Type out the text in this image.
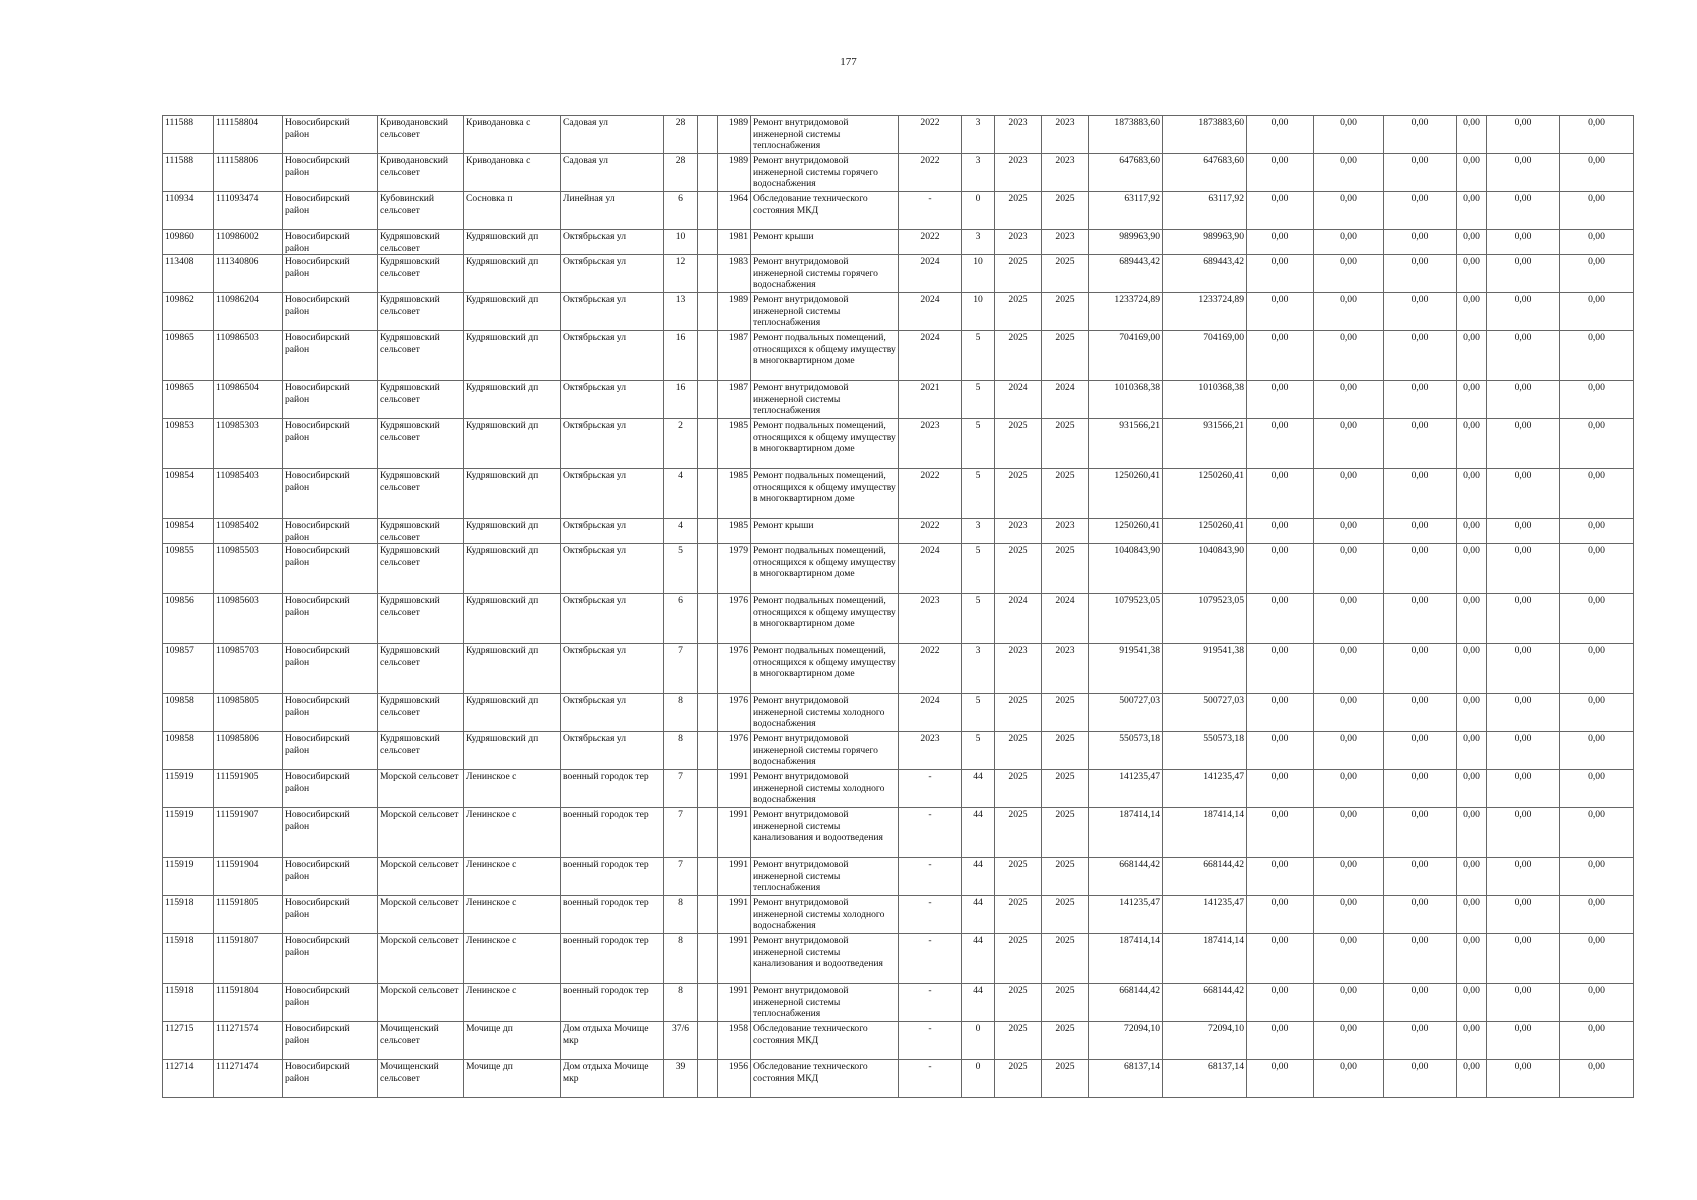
177
111588	111158804	Новосибирский район	Криводановский сельсовет	Криводановка с	Садовая ул	28		1989	Ремонт внутридомовой инженерной системы теплоснабжения	2022	3	2023	2023	1873883,60	1873883,60	0,00	0,00	0,00	0,00	0,00	0,00
111588	111158806	Новосибирский район	Криводановский сельсовет	Криводановка с	Садовая ул	28		1989	Ремонт внутридомовой инженерной системы горячего водоснабжения	2022	3	2023	2023	647683,60	647683,60	0,00	0,00	0,00	0,00	0,00	0,00
110934	111093474	Новосибирский район	Кубовинский сельсовет	Сосновка п	Линейная ул	6		1964	Обследование технического состояния МКД	-	0	2025	2025	63117,92	63117,92	0,00	0,00	0,00	0,00	0,00	0,00
109860	110986002	Новосибирский район	Кудряшовский сельсовет	Кудряшовский дп	Октябрьская ул	10		1981	Ремонт крыши	2022	3	2023	2023	989963,90	989963,90	0,00	0,00	0,00	0,00	0,00	0,00
113408	111340806	Новосибирский район	Кудряшовский сельсовет	Кудряшовский дп	Октябрьская ул	12		1983	Ремонт внутридомовой инженерной системы горячего водоснабжения	2024	10	2025	2025	689443,42	689443,42	0,00	0,00	0,00	0,00	0,00	0,00
109862	110986204	Новосибирский район	Кудряшовский сельсовет	Кудряшовский дп	Октябрьская ул	13		1989	Ремонт внутридомовой инженерной системы теплоснабжения	2024	10	2025	2025	1233724,89	1233724,89	0,00	0,00	0,00	0,00	0,00	0,00
109865	110986503	Новосибирский район	Кудряшовский сельсовет	Кудряшовский дп	Октябрьская ул	16		1987	Ремонт подвальных помещений, относящихся к общему имуществу в многоквартирном доме	2024	5	2025	2025	704169,00	704169,00	0,00	0,00	0,00	0,00	0,00	0,00
109865	110986504	Новосибирский район	Кудряшовский сельсовет	Кудряшовский дп	Октябрьская ул	16		1987	Ремонт внутридомовой инженерной системы теплоснабжения	2021	5	2024	2024	1010368,38	1010368,38	0,00	0,00	0,00	0,00	0,00	0,00
109853	110985303	Новосибирский район	Кудряшовский сельсовет	Кудряшовский дп	Октябрьская ул	2		1985	Ремонт подвальных помещений, относящихся к общему имуществу в многоквартирном доме	2023	5	2025	2025	931566,21	931566,21	0,00	0,00	0,00	0,00	0,00	0,00
109854	110985403	Новосибирский район	Кудряшовский сельсовет	Кудряшовский дп	Октябрьская ул	4		1985	Ремонт подвальных помещений, относящихся к общему имуществу в многоквартирном доме	2022	5	2025	2025	1250260,41	1250260,41	0,00	0,00	0,00	0,00	0,00	0,00
109854	110985402	Новосибирский район	Кудряшовский сельсовет	Кудряшовский дп	Октябрьская ул	4		1985	Ремонт крыши	2022	3	2023	2023	1250260,41	1250260,41	0,00	0,00	0,00	0,00	0,00	0,00
109855	110985503	Новосибирский район	Кудряшовский сельсовет	Кудряшовский дп	Октябрьская ул	5		1979	Ремонт подвальных помещений, относящихся к общему имуществу в многоквартирном доме	2024	5	2025	2025	1040843,90	1040843,90	0,00	0,00	0,00	0,00	0,00	0,00
109856	110985603	Новосибирский район	Кудряшовский сельсовет	Кудряшовский дп	Октябрьская ул	6		1976	Ремонт подвальных помещений, относящихся к общему имуществу в многоквартирном доме	2023	5	2024	2024	1079523,05	1079523,05	0,00	0,00	0,00	0,00	0,00	0,00
109857	110985703	Новосибирский район	Кудряшовский сельсовет	Кудряшовский дп	Октябрьская ул	7		1976	Ремонт подвальных помещений, относящихся к общему имуществу в многоквартирном доме	2022	3	2023	2023	919541,38	919541,38	0,00	0,00	0,00	0,00	0,00	0,00
109858	110985805	Новосибирский район	Кудряшовский сельсовет	Кудряшовский дп	Октябрьская ул	8		1976	Ремонт внутридомовой инженерной системы холодного водоснабжения	2024	5	2025	2025	500727,03	500727,03	0,00	0,00	0,00	0,00	0,00	0,00
109858	110985806	Новосибирский район	Кудряшовский сельсовет	Кудряшовский дп	Октябрьская ул	8		1976	Ремонт внутридомовой инженерной системы горячего водоснабжения	2023	5	2025	2025	550573,18	550573,18	0,00	0,00	0,00	0,00	0,00	0,00
115919	111591905	Новосибирский район	Морской сельсовет	Ленинское с	военный городок тер	7		1991	Ремонт внутридомовой инженерной системы холодного водоснабжения	-	44	2025	2025	141235,47	141235,47	0,00	0,00	0,00	0,00	0,00	0,00
115919	111591907	Новосибирский район	Морской сельсовет	Ленинское с	военный городок тер	7		1991	Ремонт внутридомовой инженерной системы канализования и водоотведения	-	44	2025	2025	187414,14	187414,14	0,00	0,00	0,00	0,00	0,00	0,00
115919	111591904	Новосибирский район	Морской сельсовет	Ленинское с	военный городок тер	7		1991	Ремонт внутридомовой инженерной системы теплоснабжения	-	44	2025	2025	668144,42	668144,42	0,00	0,00	0,00	0,00	0,00	0,00
115918	111591805	Новосибирский район	Морской сельсовет	Ленинское с	военный городок тер	8		1991	Ремонт внутридомовой инженерной системы холодного водоснабжения	-	44	2025	2025	141235,47	141235,47	0,00	0,00	0,00	0,00	0,00	0,00
115918	111591807	Новосибирский район	Морской сельсовет	Ленинское с	военный городок тер	8		1991	Ремонт внутридомовой инженерной системы канализования и водоотведения	-	44	2025	2025	187414,14	187414,14	0,00	0,00	0,00	0,00	0,00	0,00
115918	111591804	Новосибирский район	Морской сельсовет	Ленинское с	военный городок тер	8		1991	Ремонт внутридомовой инженерной системы теплоснабжения	-	44	2025	2025	668144,42	668144,42	0,00	0,00	0,00	0,00	0,00	0,00
112715	111271574	Новосибирский район	Мочищенский сельсовет	Мочище дп	Дом отдыха Мочище мкр	37/6		1958	Обследование технического состояния МКД	-	0	2025	2025	72094,10	72094,10	0,00	0,00	0,00	0,00	0,00	0,00
112714	111271474	Новосибирский район	Мочищенский сельсовет	Мочище дп	Дом отдыха Мочище мкр	39		1956	Обследование технического состояния МКД	-	0	2025	2025	68137,14	68137,14	0,00	0,00	0,00	0,00	0,00	0,00
